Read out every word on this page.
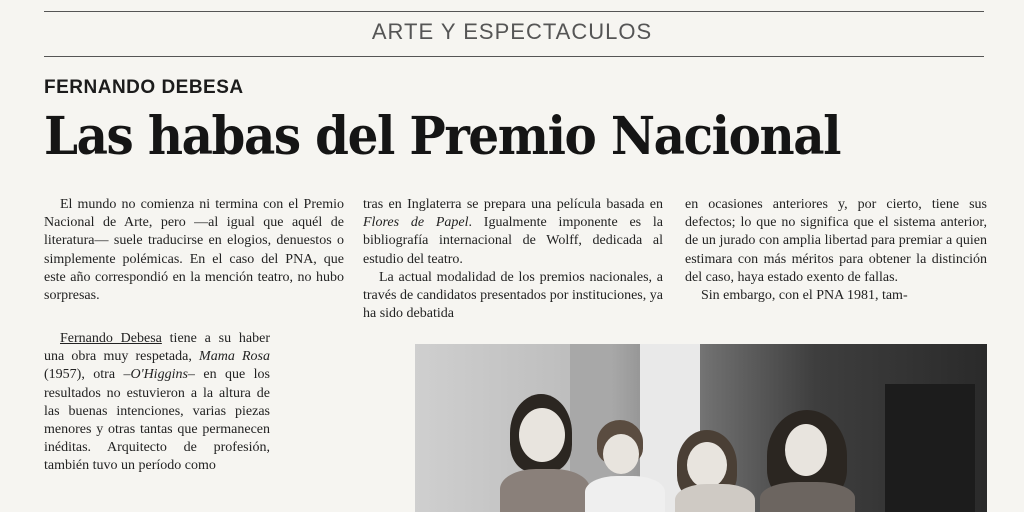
ARTE Y ESPECTACULOS
FERNANDO DEBESA
Las habas del Premio Nacional

El mundo no comienza ni termina con el Premio Nacional de Arte, pero —al igual que aquél de literatura— suele traducirse en elogios, denuestos o simplemente polémicas. En el caso del PNA, que este año correspondió en la mención teatro, no hubo sorpresas.

Fernando Debesa tiene a su haber una obra muy respetada, Mama Rosa (1957), otra –O'Higgins– en que los resultados no estuvieron a la altura de las buenas intenciones, varias piezas menores y otras tantas que permanecen inéditas. Arquitecto de profesión, también tuvo un período como

tras en Inglaterra se prepara una película basada en Flores de Papel. Igualmente imponente es la bibliografía internacional de Wolff, dedicada al estudio del teatro.

La actual modalidad de los premios nacionales, a través de candidatos presentados por instituciones, ya ha sido debatida

en ocasiones anteriores y, por cierto, tiene sus defectos; lo que no significa que el sistema anterior, de un jurado con amplia libertad para premiar a quien estimara con más méritos para obtener la distinción del caso, haya estado exento de fallas.

Sin embargo, con el PNA 1981, tam-
